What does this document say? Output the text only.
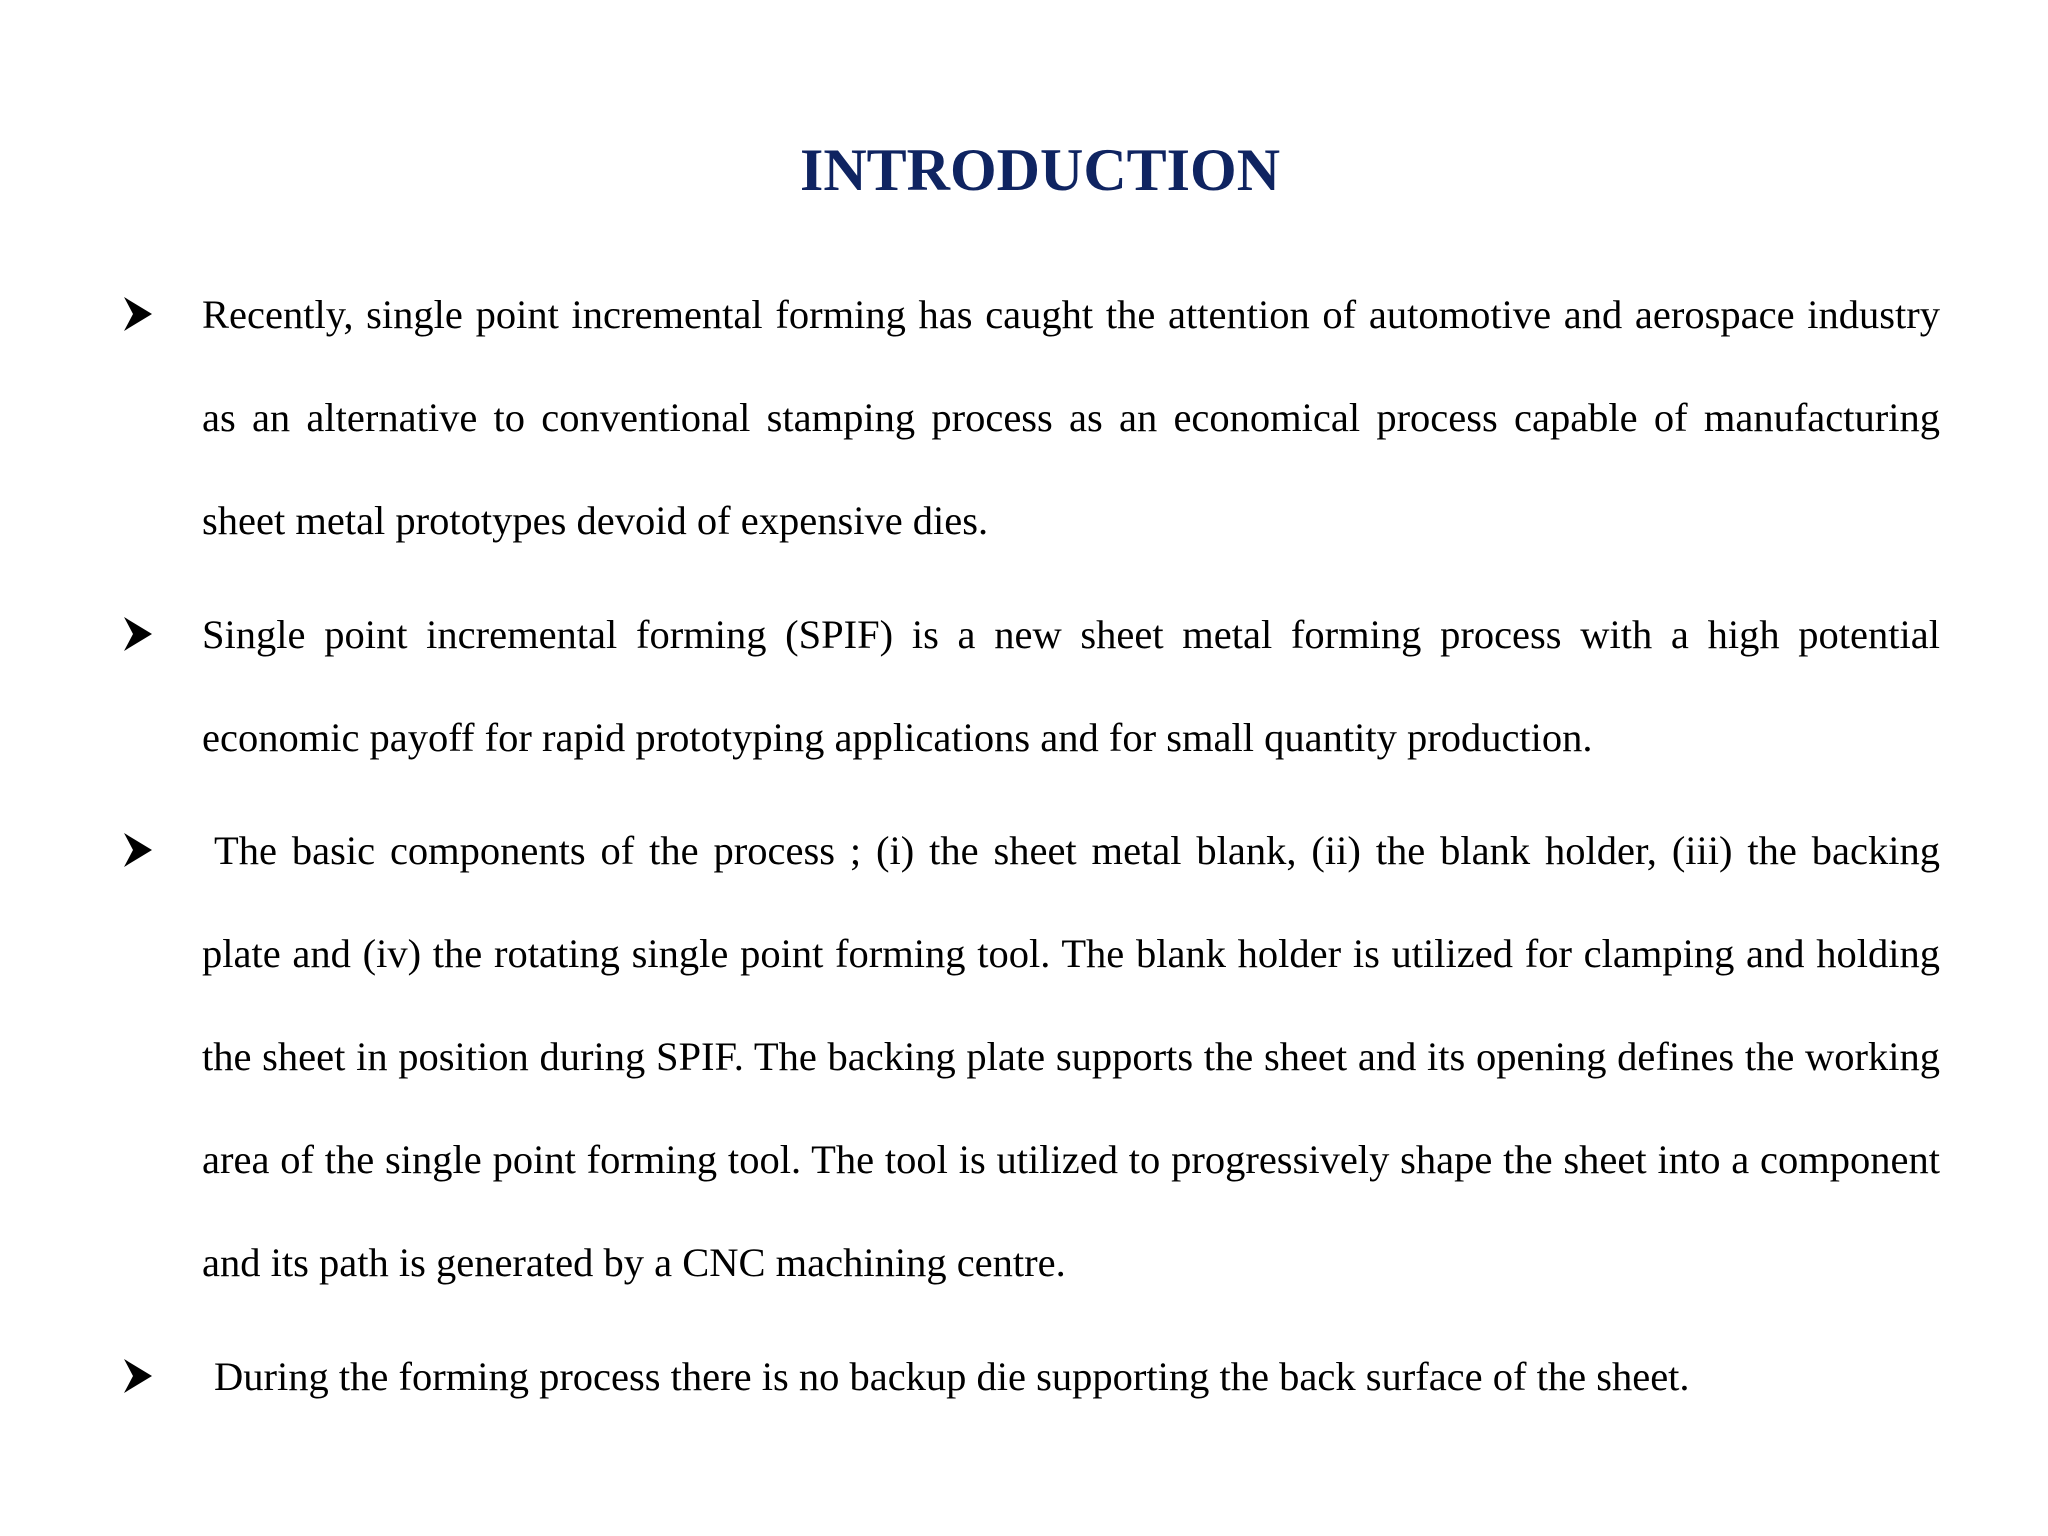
INTRODUCTION

Recently, single point incremental forming has caught the attention of automotive and aerospace industry as an alternative to conventional stamping process as an economical process capable of manufacturing sheet metal prototypes devoid of expensive dies.

Single point incremental forming (SPIF) is a new sheet metal forming process with a high potential economic payoff for rapid prototyping applications and for small quantity production.

The basic components of the process ; (i) the sheet metal blank, (ii) the blank holder, (iii) the backing plate and (iv) the rotating single point forming tool. The blank holder is utilized for clamping and holding the sheet in position during SPIF. The backing plate supports the sheet and its opening defines the working area of the single point forming tool. The tool is utilized to progressively shape the sheet into a component and its path is generated by a CNC machining centre.

During the forming process there is no backup die supporting the back surface of the sheet.
